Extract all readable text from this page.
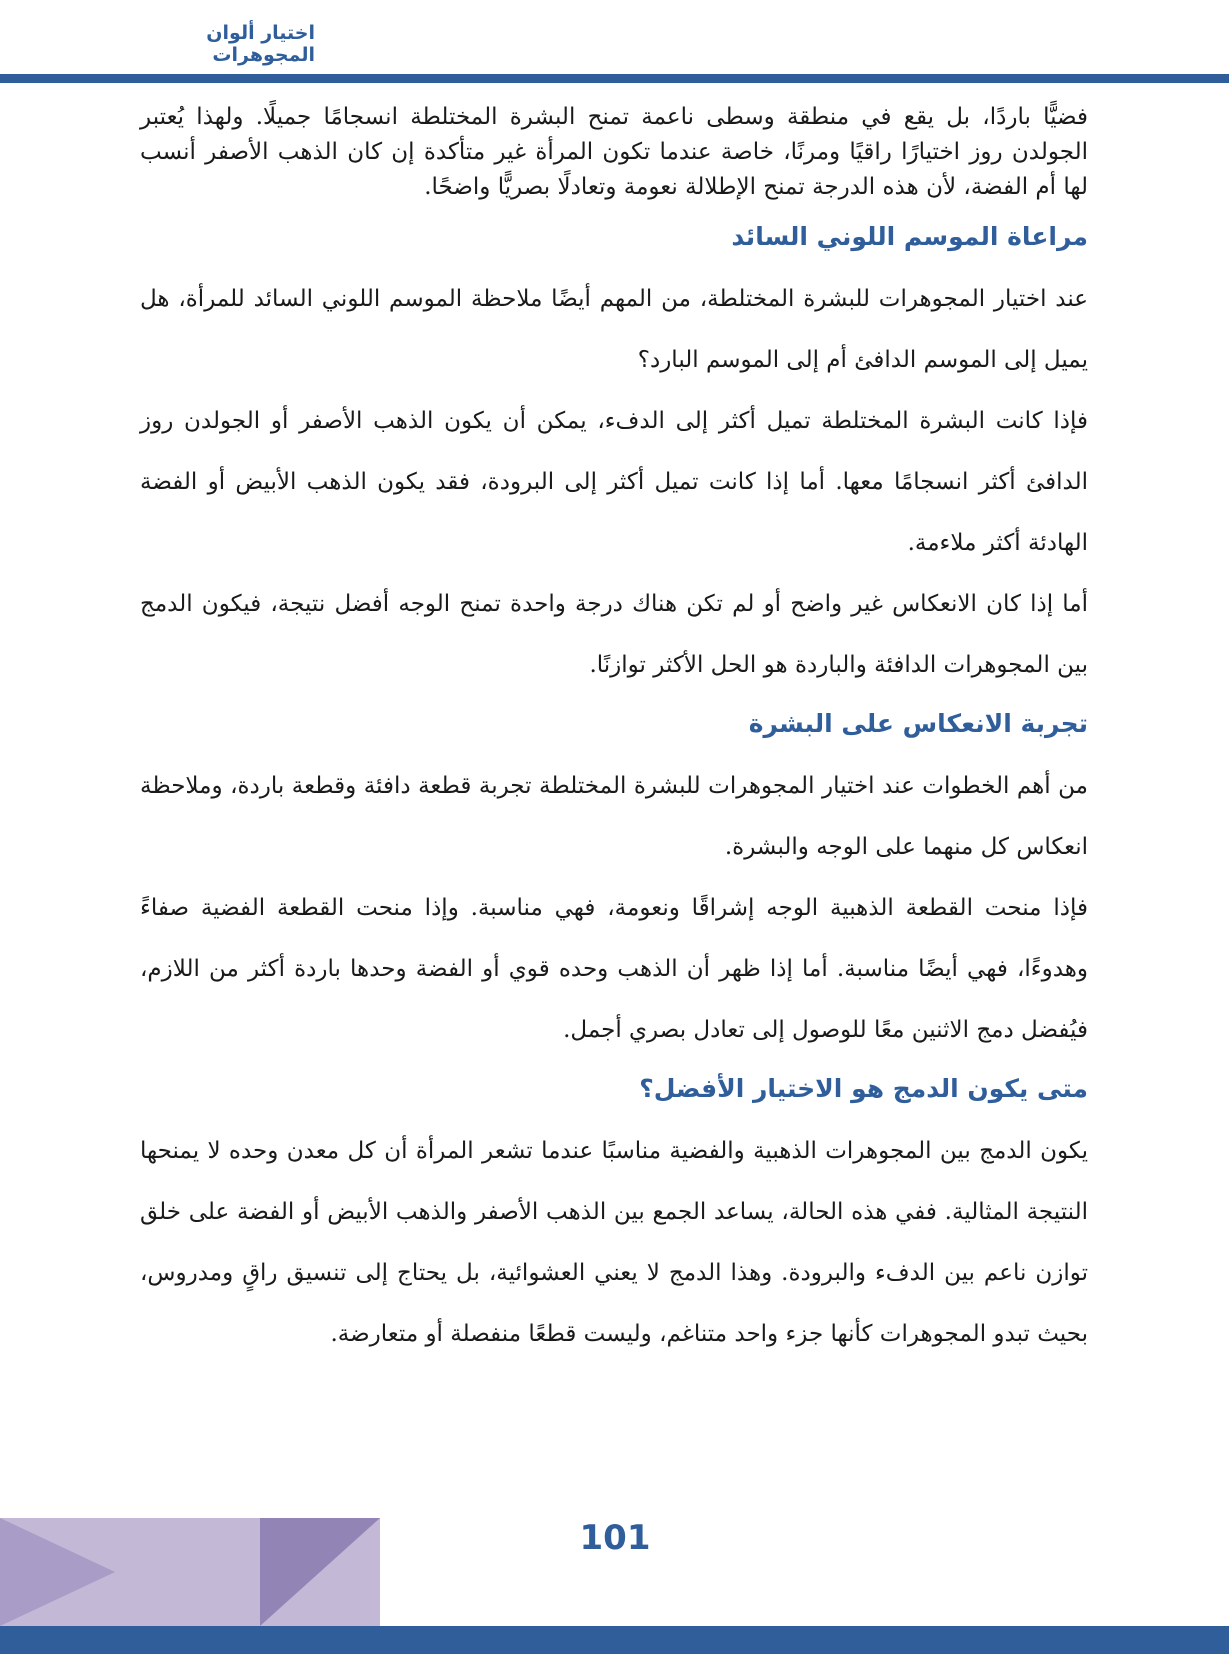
اختيار ألوان المجوهرات

فضيًّا باردًا، بل يقع في منطقة وسطى ناعمة تمنح البشرة المختلطة انسجامًا جميلًا. ولهذا يُعتبر الجولدن روز اختيارًا راقيًا ومرنًا، خاصة عندما تكون المرأة غير متأكدة إن كان الذهب الأصفر أنسب لها أم الفضة، لأن هذه الدرجة تمنح الإطلالة نعومة وتعادلًا بصريًّا واضحًا.

مراعاة الموسم اللوني السائد

عند اختيار المجوهرات للبشرة المختلطة، من المهم أيضًا ملاحظة الموسم اللوني السائد للمرأة، هل يميل إلى الموسم الدافئ أم إلى الموسم البارد؟

فإذا كانت البشرة المختلطة تميل أكثر إلى الدفء، يمكن أن يكون الذهب الأصفر أو الجولدن روز الدافئ أكثر انسجامًا معها. أما إذا كانت تميل أكثر إلى البرودة، فقد يكون الذهب الأبيض أو الفضة الهادئة أكثر ملاءمة.

أما إذا كان الانعكاس غير واضح أو لم تكن هناك درجة واحدة تمنح الوجه أفضل نتيجة، فيكون الدمج بين المجوهرات الدافئة والباردة هو الحل الأكثر توازنًا.

تجربة الانعكاس على البشرة

من أهم الخطوات عند اختيار المجوهرات للبشرة المختلطة تجربة قطعة دافئة وقطعة باردة، وملاحظة انعكاس كل منهما على الوجه والبشرة.

فإذا منحت القطعة الذهبية الوجه إشراقًا ونعومة، فهي مناسبة. وإذا منحت القطعة الفضية صفاءً وهدوءًا، فهي أيضًا مناسبة. أما إذا ظهر أن الذهب وحده قوي أو الفضة وحدها باردة أكثر من اللازم، فيُفضل دمج الاثنين معًا للوصول إلى تعادل بصري أجمل.

متى يكون الدمج هو الاختيار الأفضل؟

يكون الدمج بين المجوهرات الذهبية والفضية مناسبًا عندما تشعر المرأة أن كل معدن وحده لا يمنحها النتيجة المثالية. ففي هذه الحالة، يساعد الجمع بين الذهب الأصفر والذهب الأبيض أو الفضة على خلق توازن ناعم بين الدفء والبرودة. وهذا الدمج لا يعني العشوائية، بل يحتاج إلى تنسيق راقٍ ومدروس، بحيث تبدو المجوهرات كأنها جزء واحد متناغم، وليست قطعًا منفصلة أو متعارضة.

101
